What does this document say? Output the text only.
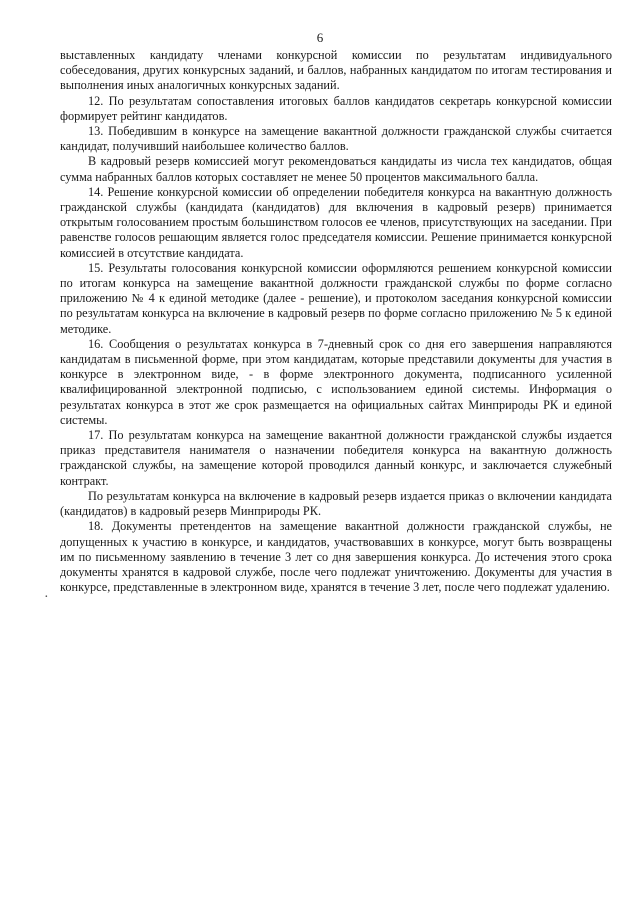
6

выставленных кандидату членами конкурсной комиссии по результатам индивидуального собеседования, других конкурсных заданий, и баллов, набранных кандидатом по итогам тестирования и выполнения иных аналогичных конкурсных заданий.

12. По результатам сопоставления итоговых баллов кандидатов секретарь конкурсной комиссии формирует рейтинг кандидатов.

13. Победившим в конкурсе на замещение вакантной должности гражданской службы считается кандидат, получивший наибольшее количество баллов.

В кадровый резерв комиссией могут рекомендоваться кандидаты из числа тех кандидатов, общая сумма набранных баллов которых составляет не менее 50 процентов максимального балла.

14. Решение конкурсной комиссии об определении победителя конкурса на вакантную должность гражданской службы (кандидата (кандидатов) для включения в кадровый резерв) принимается открытым голосованием простым большинством голосов ее членов, присутствующих на заседании. При равенстве голосов решающим является голос председателя комиссии. Решение принимается конкурсной комиссией в отсутствие кандидата.

15. Результаты голосования конкурсной комиссии оформляются решением конкурсной комиссии по итогам конкурса на замещение вакантной должности гражданской службы по форме согласно приложению № 4 к единой методике (далее - решение), и протоколом заседания конкурсной комиссии по результатам конкурса на включение в кадровый резерв по форме согласно приложению № 5 к единой методике.

16. Сообщения о результатах конкурса в 7-дневный срок со дня его завершения направляются кандидатам в письменной форме, при этом кандидатам, которые представили документы для участия в конкурсе в электронном виде, - в форме электронного документа, подписанного усиленной квалифицированной электронной подписью, с использованием единой системы. Информация о результатах конкурса в этот же срок размещается на официальных сайтах Минприроды РК и единой системы.

17. По результатам конкурса на замещение вакантной должности гражданской службы издается приказ представителя нанимателя о назначении победителя конкурса на вакантную должность гражданской службы, на замещение которой проводился данный конкурс, и заключается служебный контракт.

По результатам конкурса на включение в кадровый резерв издается приказ о включении кандидата (кандидатов) в кадровый резерв Минприроды РК.

18. Документы претендентов на замещение вакантной должности гражданской службы, не допущенных к участию в конкурсе, и кандидатов, участвовавших в конкурсе, могут быть возвращены им по письменному заявлению в течение 3 лет со дня завершения конкурса. До истечения этого срока документы хранятся в кадровой службе, после чего подлежат уничтожению. Документы для участия в конкурсе, представленные в электронном виде, хранятся в течение 3 лет, после чего подлежат удалению.

·
